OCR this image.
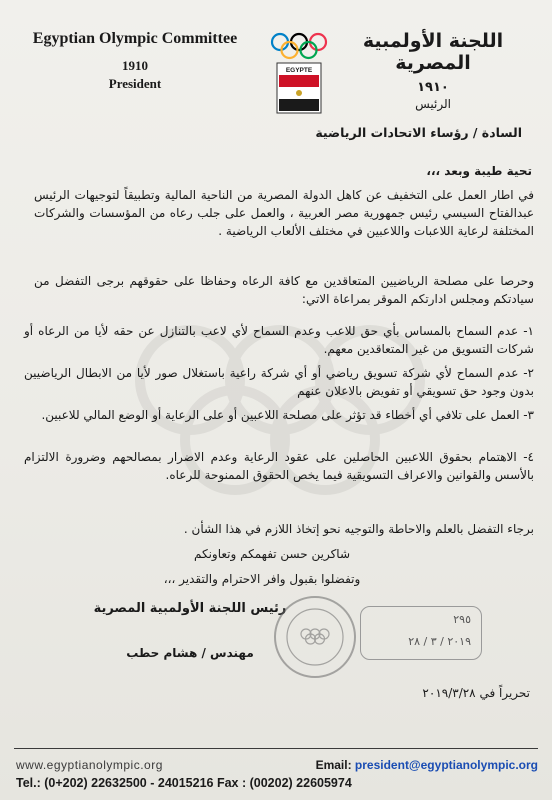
Egyptian Olympic Committee
1910
President
EGYPTE
اللجنة الأولمبية المصرية
١٩١٠
الرئيس
السادة / رؤساء الاتحادات الرياضية
تحية طيبة وبعد ،،،
في اطار العمل على التخفيف عن كاهل الدولة المصرية من الناحية المالية وتطبيقاً لتوجيهات الرئيس عبدالفتاح السيسي رئيس جمهورية مصر العربية ، والعمل على جلب رعاه من المؤسسات والشركات المختلفة لرعاية اللاعبات واللاعبين في مختلف الألعاب الرياضية .
وحرصا على مصلحة الرياضيين المتعاقدين مع كافة الرعاه وحفاظا على حقوقهم برجى التفضل من سيادتكم ومجلس ادارتكم الموقر بمراعاة الاتي:
١- عدم السماح بالمساس بأي حق للاعب وعدم السماح لأي لاعب بالتنازل عن حقه لأيا من الرعاه أو شركات التسويق من غير المتعاقدين معهم.
٢- عدم السماح لأي شركة تسويق رياضي أو أي شركة راعية باستغلال صور لأيا من الابطال الرياضيين بدون وجود حق تسويقي أو تفويض بالاعلان عنهم
٣- العمل على تلافي أي أخطاء قد تؤثر على مصلحة اللاعبين أو على الرعاية أو الوضع المالي للاعبين.
٤- الاهتمام بحقوق اللاعبين الحاصلين على عقود الرعاية وعدم الاضرار بمصالحهم وضرورة الالتزام بالأسس والقوانين والاعراف التسويقية فيما يخص الحقوق الممنوحة للرعاه.
برجاء التفضل بالعلم والاحاطة والتوجيه نحو إتخاذ اللازم في هذا الشأن .
شاكرين حسن تفهمكم وتعاونكم
وتفضلوا بقبول وافر الاحترام والتقدير ،،،
رئيس اللجنة الأولمبية المصرية
مهندس / هشام حطب
٢٩٥
٢٠١٩ / ٣ / ٢٨
تحريراً في ٢٠١٩/٣/٢٨
www.egyptianolympic.org	Email: president@egyptianolympic.org
Tel.: (0+202) 22632500 - 24015216 Fax : (00202) 22605974
